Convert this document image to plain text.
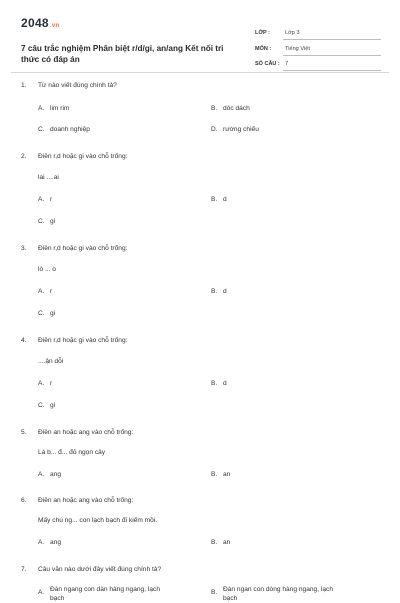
2048.vn
7 câu trắc nghiệm Phân biệt r/d/gi, an/ang Kết nối tri thức có đáp án
LỚP :	Lớp 3
MÔN :	Tiếng Việt
SỐ CÂU : 7
1. Từ nào viết đúng chính tả?
A. lim rim	B. dóc dách
C. doanh nghiệp	D. rường chiếu
2. Điền r,d hoặc gi vào chỗ trống:
lai ....ai
A. r	B. d
C. gi
3. Điền r,d hoặc gi vào chỗ trống:
lò ... ò
A. r	B. d
C. gi
4. Điền r,d hoặc gi vào chỗ trống:
....ận dỗi
A. r	B. d
C. gi
5. Điền an hoặc ang vào chỗ trống:
Lá b... đ... đỏ ngọn cây
A. ang	B. an
6. Điền an hoặc ang vào chỗ trống:
Mấy chú ng... con lạch bạch đi kiếm mồi.
A. ang	B. an
7. Câu văn nào dưới đây viết đúng chính tả?
A. Đàn ngang con dàn hàng ngang, lạch bạch
B. Đàn ngan con dòng hàng ngang, lạch bạch
